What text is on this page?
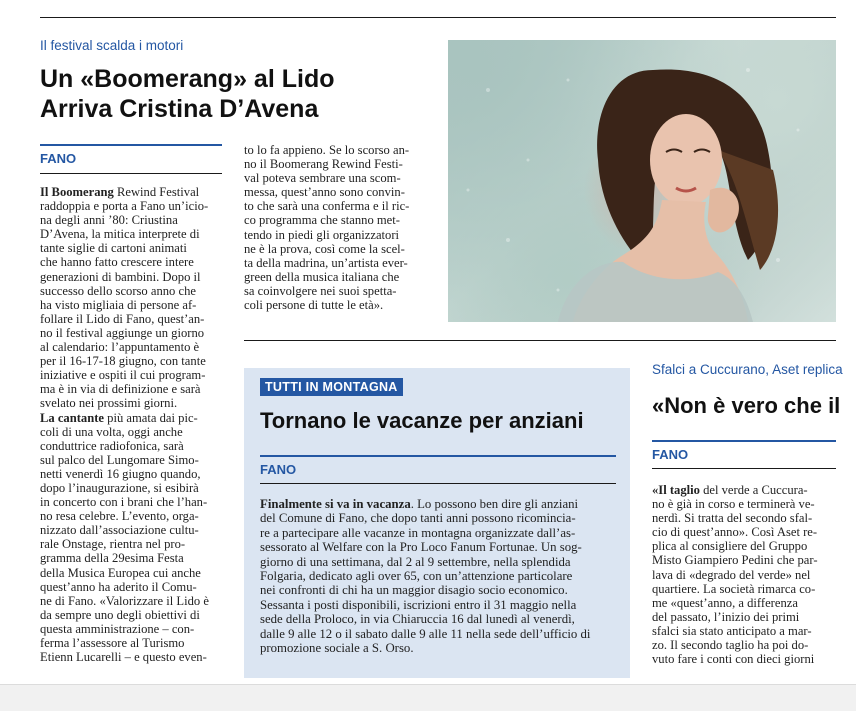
Il festival scalda i motori
Un «Boomerang» al Lido
Arriva Cristina D’Avena
FANO
Il Boomerang Rewind Festival
raddoppia e porta a Fano un’icio-
na degli anni ’80: Criustina
D’Avena, la mitica interprete di
tante siglie di cartoni animati
che hanno fatto crescere intere
generazioni di bambini. Dopo il
successo dello scorso anno che
ha visto migliaia di persone af-
follare il Lido di Fano, quest’an-
no il festival aggiunge un giorno
al calendario: l’appuntamento è
per il 16-17-18 giugno, con tante
iniziative e ospiti il cui program-
ma è in via di definizione e sarà
svelato nei prossimi giorni.
La cantante più amata dai pic-
coli di una volta, oggi anche
conduttrice radiofonica, sarà
sul palco del Lungomare Simo-
netti venerdì 16 giugno quando,
dopo l’inaugurazione, si esibirà
in concerto con i brani che l’han-
no resa celebre. L’evento, orga-
nizzato dall’associazione cultu-
rale Onstage, rientra nel pro-
gramma della 29esima Festa
della Musica Europea cui anche
quest’anno ha aderito il Comu-
ne di Fano. «Valorizzare il Lido è
da sempre uno degli obiettivi di
questa amministrazione – con-
ferma l’assessore al Turismo
Etienn Lucarelli – e questo even-
to lo fa appieno. Se lo scorso an-
no il Boomerang Rewind Festi-
val poteva sembrare una scom-
messa, quest’anno sono convin-
to che sarà una conferma e il ric-
co programma che stanno met-
tendo in piedi gli organizzatori
ne è la prova, così come la scel-
ta della madrina, un’artista ever-
green della musica italiana che
sa coinvolgere nei suoi spetta-
coli persone di tutte le età».
TUTTI IN MONTAGNA
Tornano le vacanze per anziani
FANO
Finalmente si va in vacanza. Lo possono ben dire gli anziani
del Comune di Fano, che dopo tanti anni possono ricomincia-
re a partecipare alle vacanze in montagna organizzate dall’as-
sessorato al Welfare con la Pro Loco Fanum Fortunae. Un sog-
giorno di una settimana, dal 2 al 9 settembre, nella splendida
Folgaria, dedicato agli over 65, con un’attenzione particolare
nei confronti di chi ha un maggior disagio socio economico.
Sessanta i posti disponibili, iscrizioni entro il 31 maggio nella
sede della Proloco, in via Chiaruccia 16 dal lunedì al venerdì,
dalle 9 alle 12 o il sabato dalle 9 alle 11 nella sede dell’ufficio di
promozione sociale a S. Orso.
Sfalci a Cuccurano, Aset replica
«Non è vero che il
FANO
«Il taglio del verde a Cuccura-
no è già in corso e terminerà ve-
nerdì. Si tratta del secondo sfal-
cio di quest’anno». Così Aset re-
plica al consigliere del Gruppo
Misto Giampiero Pedini che par-
lava di «degrado del verde» nel
quartiere. La società rimarca co-
me «quest’anno, a differenza
del passato, l’inizio dei primi
sfalci sia stato anticipato a mar-
zo. Il secondo taglio ha poi do-
vuto fare i conti con dieci giorni
